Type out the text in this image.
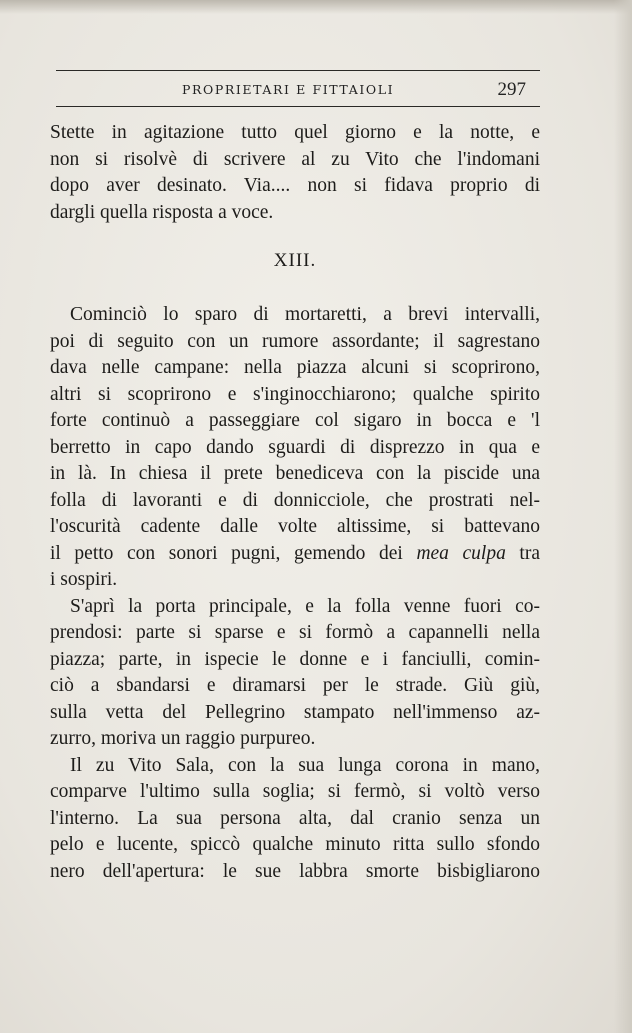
PROPRIETARI E FITTAIOLI	297
Stette in agitazione tutto quel giorno e la notte, e
non si risolvè di scrivere al zu Vito che l'indomani
dopo aver desinato. Via.... non si fidava proprio di
dargli quella risposta a voce.
XIII.
Cominciò lo sparo di mortaretti, a brevi intervalli,
poi di seguito con un rumore assordante; il sagrestano
dava nelle campane: nella piazza alcuni si scoprirono,
altri si scoprirono e s'inginocchiarono; qualche spirito
forte continuò a passeggiare col sigaro in bocca e 'l
berretto in capo dando sguardi di disprezzo in qua e
in là. In chiesa il prete benediceva con la piscide una
folla di lavoranti e di donnicciole, che prostrati nel-
l'oscurità cadente dalle volte altissime, si battevano
il petto con sonori pugni, gemendo dei mea culpa tra
i sospiri.
S'aprì la porta principale, e la folla venne fuori co-
prendosi: parte si sparse e si formò a capannelli nella
piazza; parte, in ispecie le donne e i fanciulli, comin-
ciò a sbandarsi e diramarsi per le strade. Giù giù,
sulla vetta del Pellegrino stampato nell'immenso az-
zurro, moriva un raggio purpureo.
Il zu Vito Sala, con la sua lunga corona in mano,
comparve l'ultimo sulla soglia; si fermò, si voltò verso
l'interno. La sua persona alta, dal cranio senza un
pelo e lucente, spiccò qualche minuto ritta sullo sfondo
nero dell'apertura: le sue labbra smorte bisbigliarono
